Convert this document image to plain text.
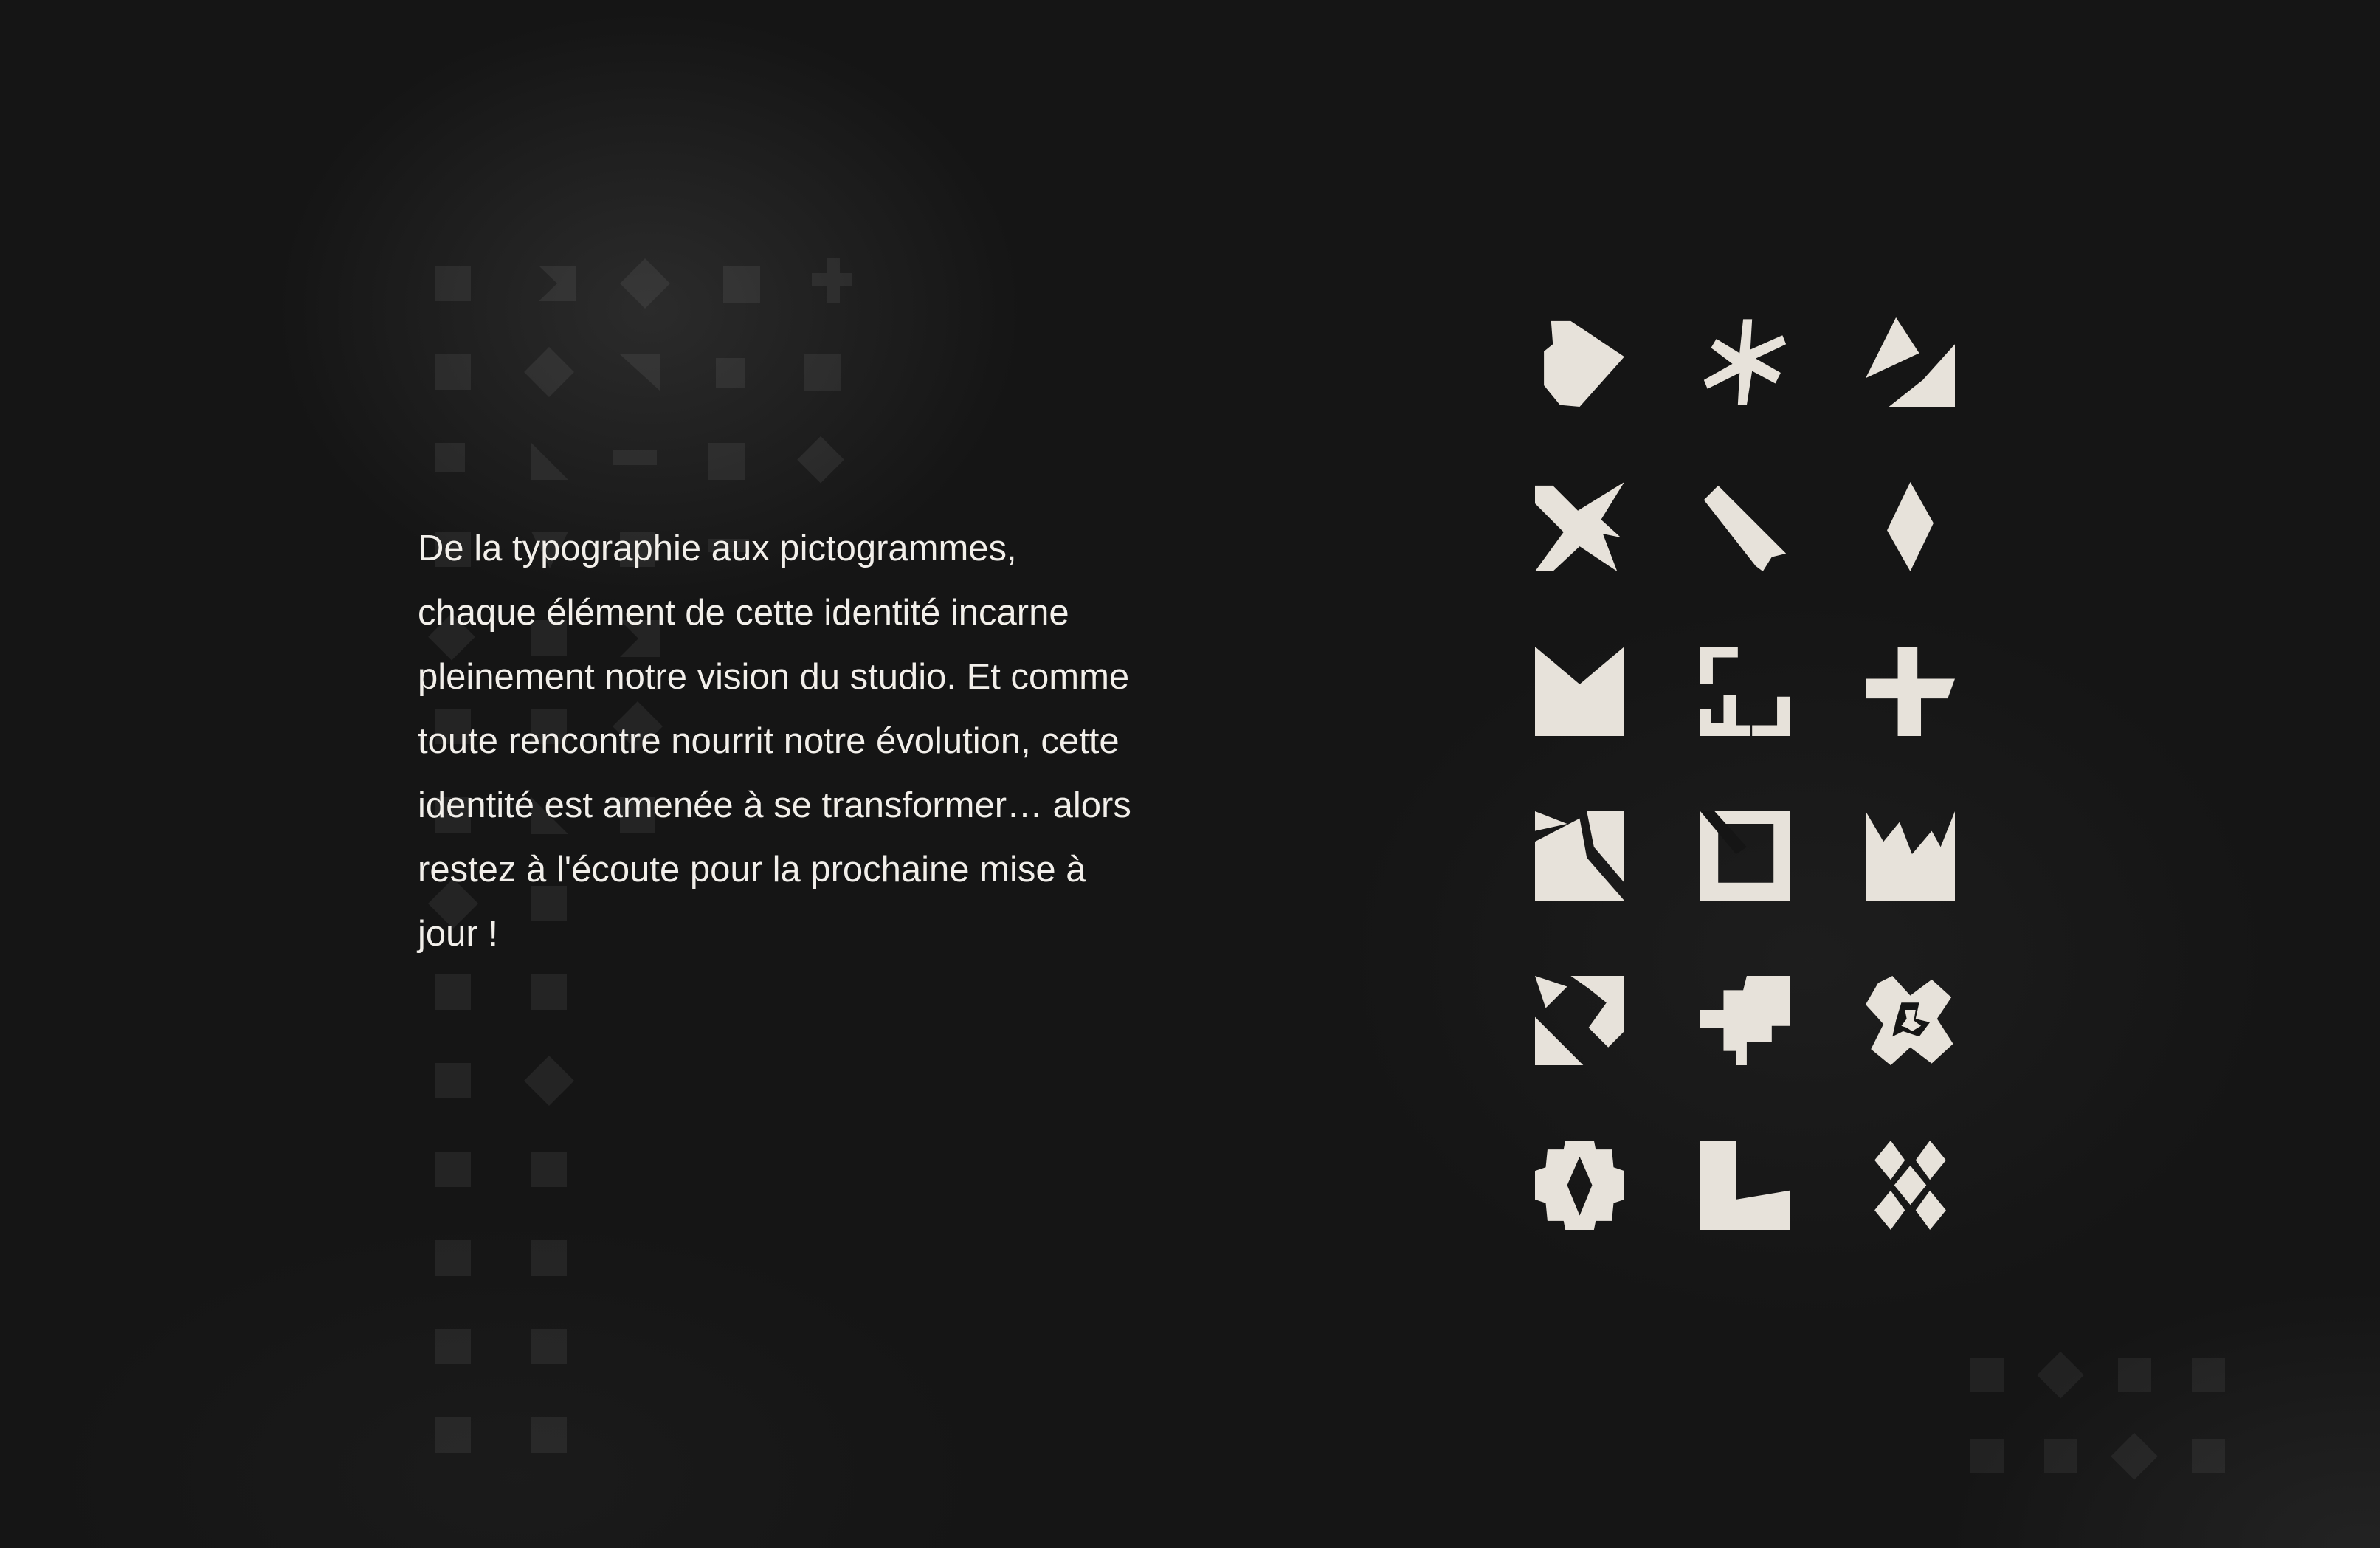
De la typographie aux pictogrammes,
chaque élément de cette identité incarne
pleinement notre vision du studio. Et comme
toute rencontre nourrit notre évolution, cette
identité est amenée à se transformer… alors
restez à l'écoute pour la prochaine mise à
jour !
